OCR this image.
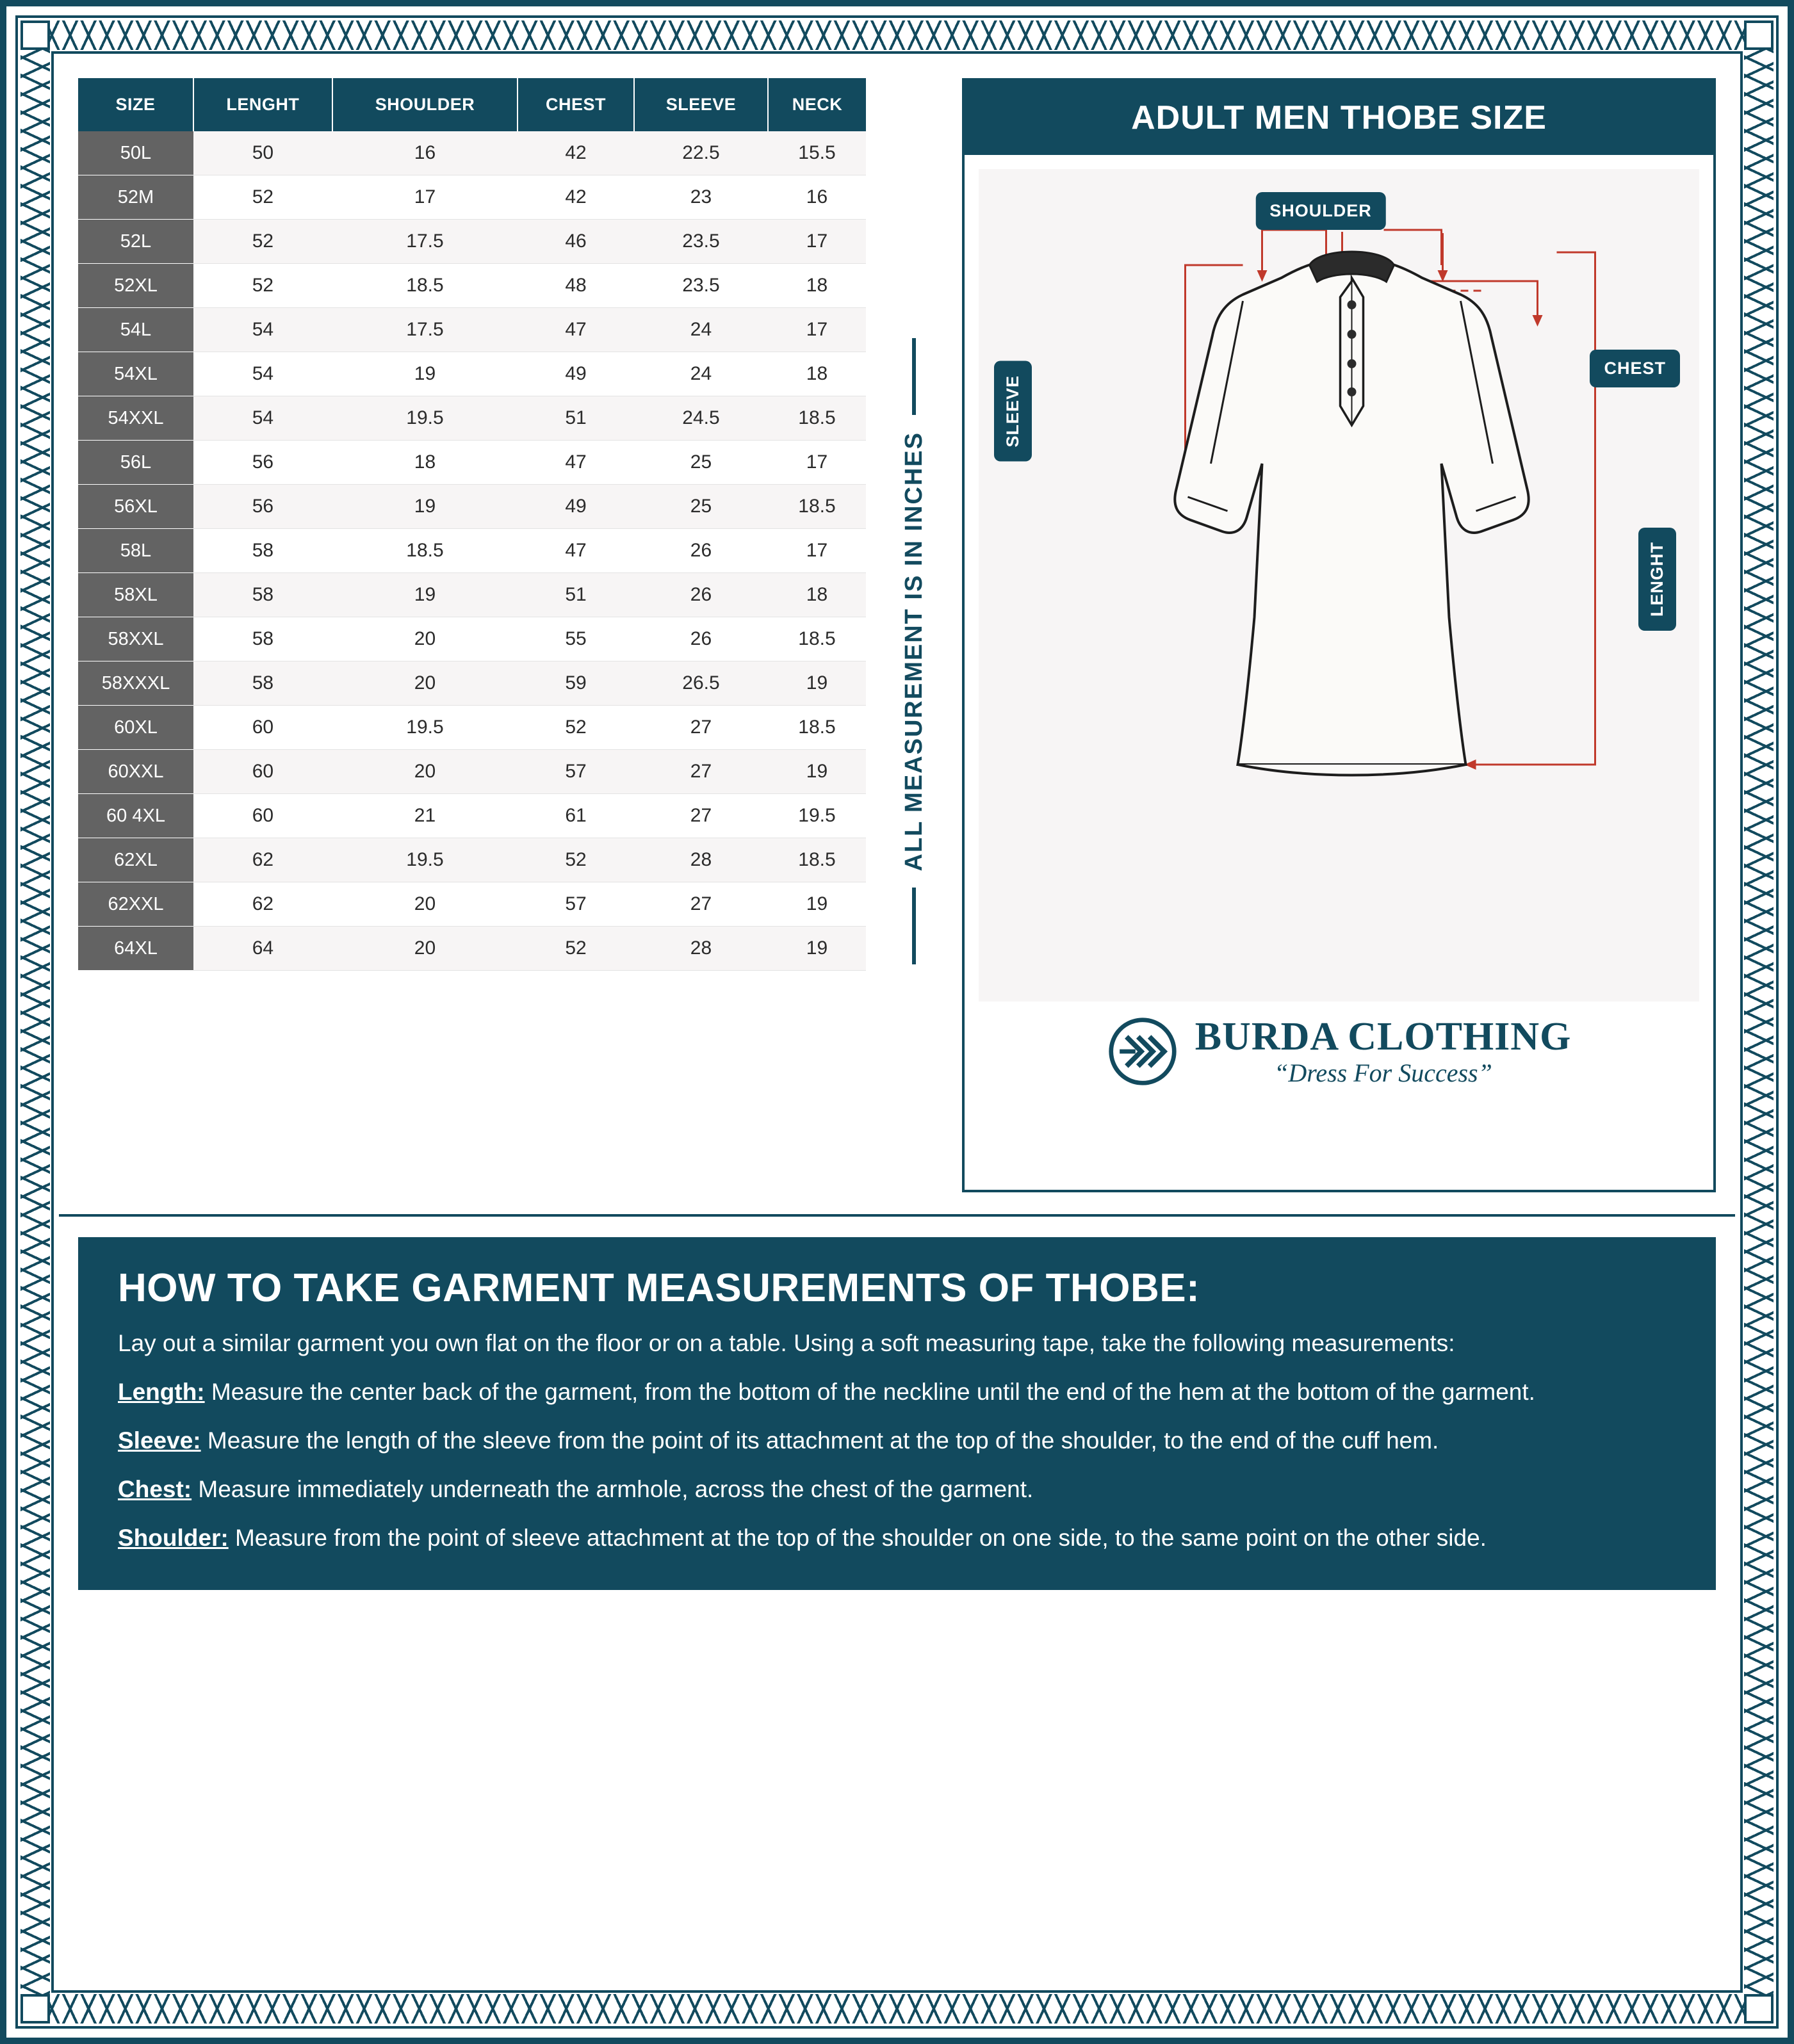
SIZE	LENGHT	SHOULDER	CHEST	SLEEVE	NECK
50L	50	16	42	22.5	15.5
52M	52	17	42	23	16
52L	52	17.5	46	23.5	17
52XL	52	18.5	48	23.5	18
54L	54	17.5	47	24	17
54XL	54	19	49	24	18
54XXL	54	19.5	51	24.5	18.5
56L	56	18	47	25	17
56XL	56	19	49	25	18.5
58L	58	18.5	47	26	17
58XL	58	19	51	26	18
58XXL	58	20	55	26	18.5
58XXXL	58	20	59	26.5	19
60XL	60	19.5	52	27	18.5
60XXL	60	20	57	27	19
60 4XL	60	21	61	27	19.5
62XL	62	19.5	52	28	18.5
62XXL	62	20	57	27	19
64XL	64	20	52	28	19
ALL MEASUREMENT IS IN INCHES
ADULT MEN THOBE SIZE
SHOULDER
CHEST
SLEEVE
LENGHT
BURDA CLOTHING
“Dress For Success”
HOW TO TAKE GARMENT MEASUREMENTS OF THOBE:

Lay out a similar garment you own flat on the floor or on a table. Using a soft measuring tape, take the following measurements:

Length: Measure the center back of the garment, from the bottom of the neckline until the end of the hem at the bottom of the garment.

Sleeve: Measure the length of the sleeve from the point of its attachment at the top of the shoulder, to the end of the cuff hem.

Chest: Measure immediately underneath the armhole, across the chest of the garment.

Shoulder: Measure from the point of sleeve attachment at the top of the shoulder on one side, to the same point on the other side.
